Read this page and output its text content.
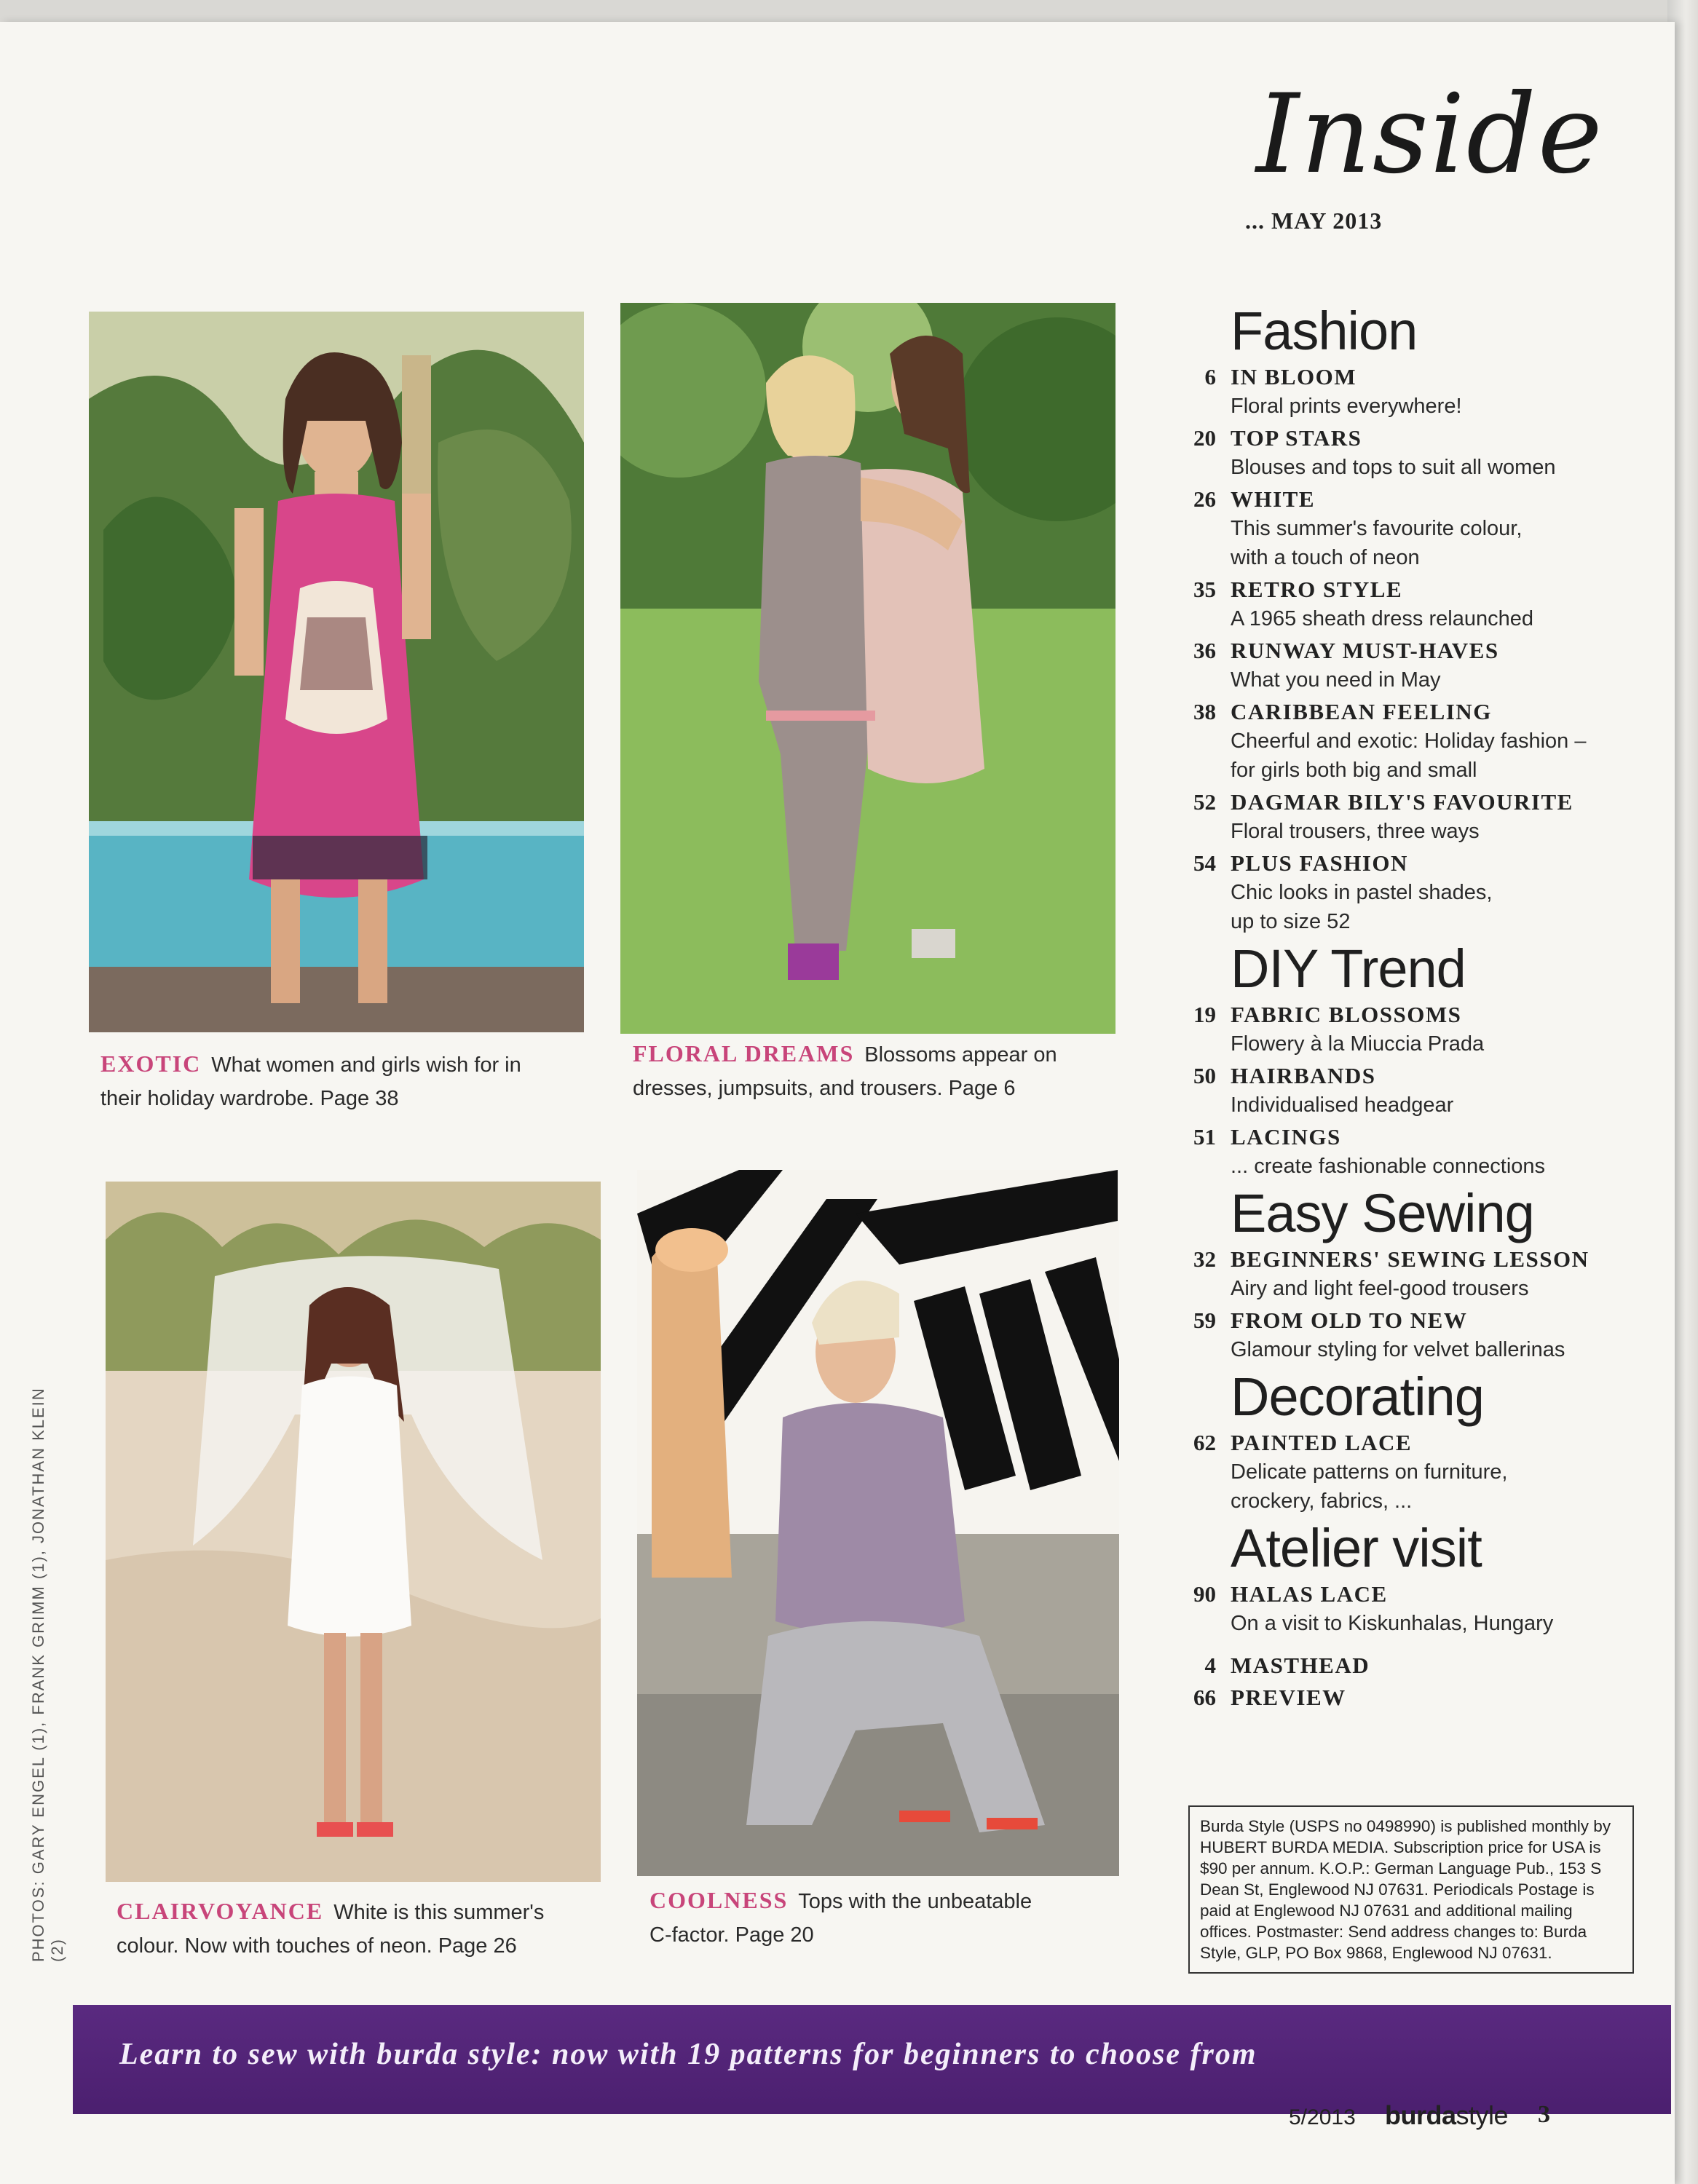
Inside
... MAY 2013
EXOTIC What women and girls wish for in
their holiday wardrobe. Page 38
FLORAL DREAMS Blossoms appear on
dresses, jumpsuits, and trousers. Page 6
CLAIRVOYANCE White is this summer's
colour. Now with touches of neon. Page 26
COOLNESS Tops with the unbeatable
C-factor. Page 20
Fashion
6 IN BLOOM
Floral prints everywhere!
20 TOP STARS
Blouses and tops to suit all women
26 WHITE
This summer's favourite colour,
with a touch of neon
35 RETRO STYLE
A 1965 sheath dress relaunched
36 RUNWAY MUST-HAVES
What you need in May
38 CARIBBEAN FEELING
Cheerful and exotic: Holiday fashion –
for girls both big and small
52 DAGMAR BILY'S FAVOURITE
Floral trousers, three ways
54 PLUS FASHION
Chic looks in pastel shades,
up to size 52
DIY Trend
19 FABRIC BLOSSOMS
Flowery à la Miuccia Prada
50 HAIRBANDS
Individualised headgear
51 LACINGS
... create fashionable connections
Easy Sewing
32 BEGINNERS' SEWING LESSON
Airy and light feel-good trousers
59 FROM OLD TO NEW
Glamour styling for velvet ballerinas
Decorating
62 PAINTED LACE
Delicate patterns on furniture,
crockery, fabrics, ...
Atelier visit
90 HALAS LACE
On a visit to Kiskunhalas, Hungary
4 MASTHEAD
66 PREVIEW
Burda Style (USPS no 0498990) is published monthly by HUBERT BURDA MEDIA. Subscription price for USA is $90 per annum. K.O.P.: German Language Pub., 153 S Dean St, Englewood NJ 07631. Periodicals Postage is paid at Englewood NJ 07631 and additional mailing offices. Postmaster: Send address changes to: Burda Style, GLP, PO Box 9868, Englewood NJ 07631.
PHOTOS: GARY ENGEL (1), FRANK GRIMM (1), JONATHAN KLEIN (2)
Learn to sew with burda style: now with 19 patterns for beginners to choose from
5/2013 burdastyle 3
